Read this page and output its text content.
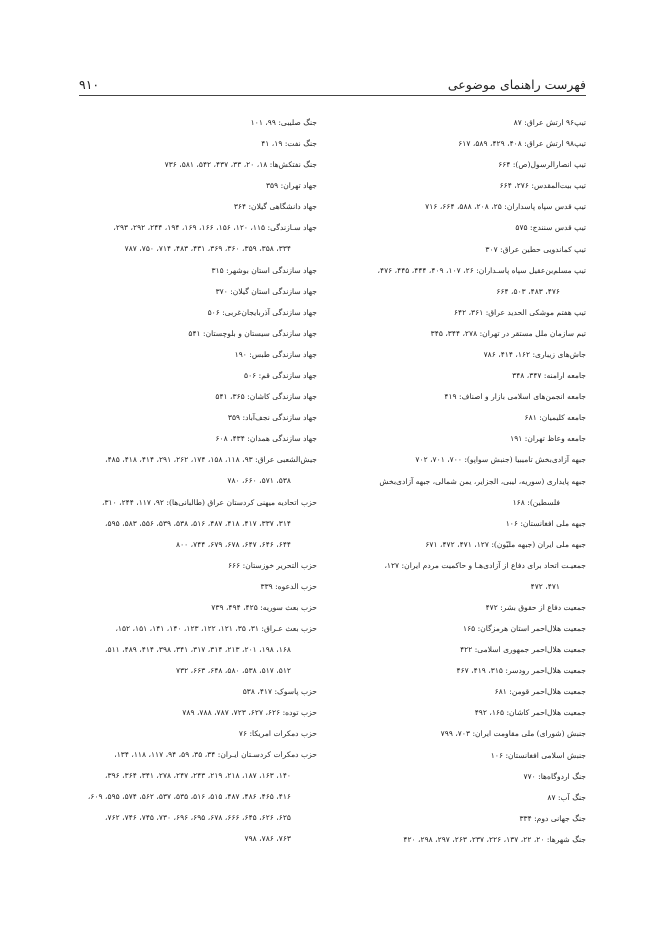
۹۱۰	فهرست راهنمای موضوعی
تیپ۹۶ ارتش عراق: ۸۷
تیپ۹۸ ارتش عراق: ۴۰۸، ۴۲۹، ۵۸۹، ۶۱۷
تیپ انصارالرسول(ص): ۶۶۴
تیپ بیت‌المقدس: ۲۷۶، ۶۶۴
تیپ قدس سپاه پاسداران: ۲۵، ۲۰۸، ۵۸۸، ۶۶۴، ۷۱۶
تیپ قدس سنندج: ۵۷۵
تیپ کماندویی حطین عراق: ۳۰۷
تیپ مسلم‌بن‌عقیل سپاه پاسـداران: ۲۶، ۱۰۷، ۴۰۹، ۴۴۴، ۴۴۵، ۴۷۶،
۴۷۶، ۴۸۳، ۵۰۳، ۶۶۴
تیپ هفتم موشکی الحدید عراق: ۳۶۱، ۶۴۲
تیم سازمان ملل مستقر در تهران: ۲۷۸، ۳۴۴، ۳۴۵
جاش‌های زیباری: ۱۶۲، ۴۱۴، ۷۸۶
جامعه ارامنه: ۳۴۷، ۳۴۸
جامعه انجمن‌های اسلامی بازار و اصناف: ۴۱۹
جامعه کلیمیان: ۶۸۱
جامعه وعاظ تهران: ۱۹۱
جبهه آزادی‌بخش تامیبیا (جنبش سواپو): ۷۰۰، ۷۰۱، ۷۰۲
جبهه پایداری (سوریه، لیبی، الجزایر، یمن شمالی، جبهه آزادی‌بخش
فلسطین): ۱۶۸
جبهه ملی افغانستان: ۱۰۶
جبهه ملی ایران (جبهه ملیّون): ۱۲۷، ۴۷۱، ۴۷۲، ۶۷۱
جمعیـت اتحاد برای دفاع از آزادی‌هـا و حاکمیت مردم ایران: ۱۲۷،
۴۷۱، ۴۷۲
جمعیت دفاع از حقوق بشر: ۴۷۲
جمعیت هلال‌احمر استان هرمزگان: ۱۶۵
جمعیت هلال‌احمر جمهوری اسلامی: ۴۲۲
جمعیت هلال‌احمر رودسر: ۳۱۵، ۴۱۹، ۴۶۷
جمعیت هلال‌احمر قومن: ۶۸۱
جمعیت هلال‌احمر کاشان: ۱۶۵، ۴۹۲
جنبش (شورای) ملی مقاومت ایران: ۷۰۳، ۷۹۹
جنبش اسلامی افغانستان: ۱۰۶
جنگ اردوگاه‌ها: ۷۷۰
جنگ آب: ۸۷
جنگ جهانی دوم: ۳۳۴
جنگ شهرها: ۲۰، ۲۲، ۱۳۷، ۲۲۶، ۲۳۷، ۲۶۳، ۲۹۷، ۲۹۸، ۴۲۰
جنگ صلیبی: ۹۹، ۱۰۱
جنگ نفت: ۱۹، ۴۱
جنگ نفتکش‌ها: ۱۸، ۲۰، ۳۳، ۴۳۷، ۵۴۲، ۵۸۱، ۷۳۶
جهاد تهران: ۳۵۹
جهاد دانشگاهی گیلان: ۳۶۴
جهاد سـازندگی: ۱۱۵، ۱۲۰، ۱۵۶، ۱۶۶، ۱۶۹، ۱۹۴، ۲۴۴، ۲۹۲، ۲۹۳،
۳۳۴، ۳۵۸، ۳۵۹، ۳۶۰، ۳۶۹، ۴۳۱، ۴۸۳، ۷۱۴، ۷۵۰، ۷۸۷
جهاد سازندگی استان بوشهر: ۳۱۵
جهاد سازندگی استان گیلان: ۳۷۰
جهاد سازندگی آذربایجان‌غربی: ۵۰۶
جهاد سازندگی سیستان و بلوچستان: ۵۴۱
جهاد سازندگی طبس: ۱۹۰
جهاد سازندگی قم: ۵۰۶
جهاد سازندگی کاشان: ۳۶۵، ۵۴۱
جهاد سازندگی نجف‌آباد: ۳۵۹
جهاد سازندگی همدان: ۴۳۴، ۶۰۸
جیش‌الشعبی عراق: ۹۳، ۱۱۸، ۱۵۸، ۱۷۴، ۲۶۲، ۲۹۱، ۴۱۴، ۴۱۸، ۴۸۵،
۵۳۸، ۵۷۱، ۶۶۰، ۷۸۰
حزب اتحادیه میهنی کردستان عراق (طالبانی‌ها): ۹۲، ۱۱۷، ۲۴۴، ۳۱۰،
۳۱۴، ۳۳۷، ۴۱۷، ۴۱۸، ۴۸۷، ۵۱۶، ۵۳۸، ۵۳۹، ۵۵۶، ۵۸۳، ۵۹۵،
۶۴۴، ۶۴۶، ۶۴۷، ۶۷۸، ۶۷۹، ۷۴۴، ۸۰۰
حزب التحریر خوزستان: ۶۶۶
حزب الدعوه: ۳۳۹
حزب بعث سوریه: ۴۲۵، ۴۹۴، ۷۳۹
حزب بعث عـراق: ۳۱، ۳۵، ۱۲۱، ۱۲۲، ۱۲۳، ۱۴۰، ۱۴۱، ۱۵۱، ۱۵۲،
۱۶۸، ۱۹۸، ۲۰۱، ۲۱۳، ۳۱۴، ۳۱۷، ۳۴۱، ۳۹۸، ۴۱۴، ۴۸۹، ۵۱۱،
۵۱۲، ۵۱۷، ۵۳۸، ۵۸۰، ۶۴۸، ۶۶۳، ۷۳۲
حزب پاسوک: ۴۱۷، ۵۳۸
حزب توده: ۶۲۶، ۶۲۷، ۷۲۳، ۷۸۷، ۷۸۸، ۷۸۹
حزب دمکرات امریکا: ۷۶
حزب دمکرات کردسـتان ایـران: ۳۴، ۳۵، ۵۹، ۹۴، ۱۱۷، ۱۱۸، ۱۳۴،
۱۴۰، ۱۶۳، ۱۸۷، ۲۱۸، ۲۱۹، ۲۴۳، ۲۴۷، ۲۷۸، ۳۴۱، ۳۶۴، ۳۹۶،
۴۱۶، ۴۶۵، ۴۸۶، ۴۸۷، ۵۱۵، ۵۱۶، ۵۳۵، ۵۳۷، ۵۶۲، ۵۷۴، ۵۹۵، ۶۰۹،
۶۲۵، ۶۲۶، ۶۴۵، ۶۶۶، ۶۷۸، ۶۹۵، ۶۹۶، ۷۳۰، ۷۴۵، ۷۴۶، ۷۶۲،
۷۶۳، ۷۸۶، ۷۹۸
